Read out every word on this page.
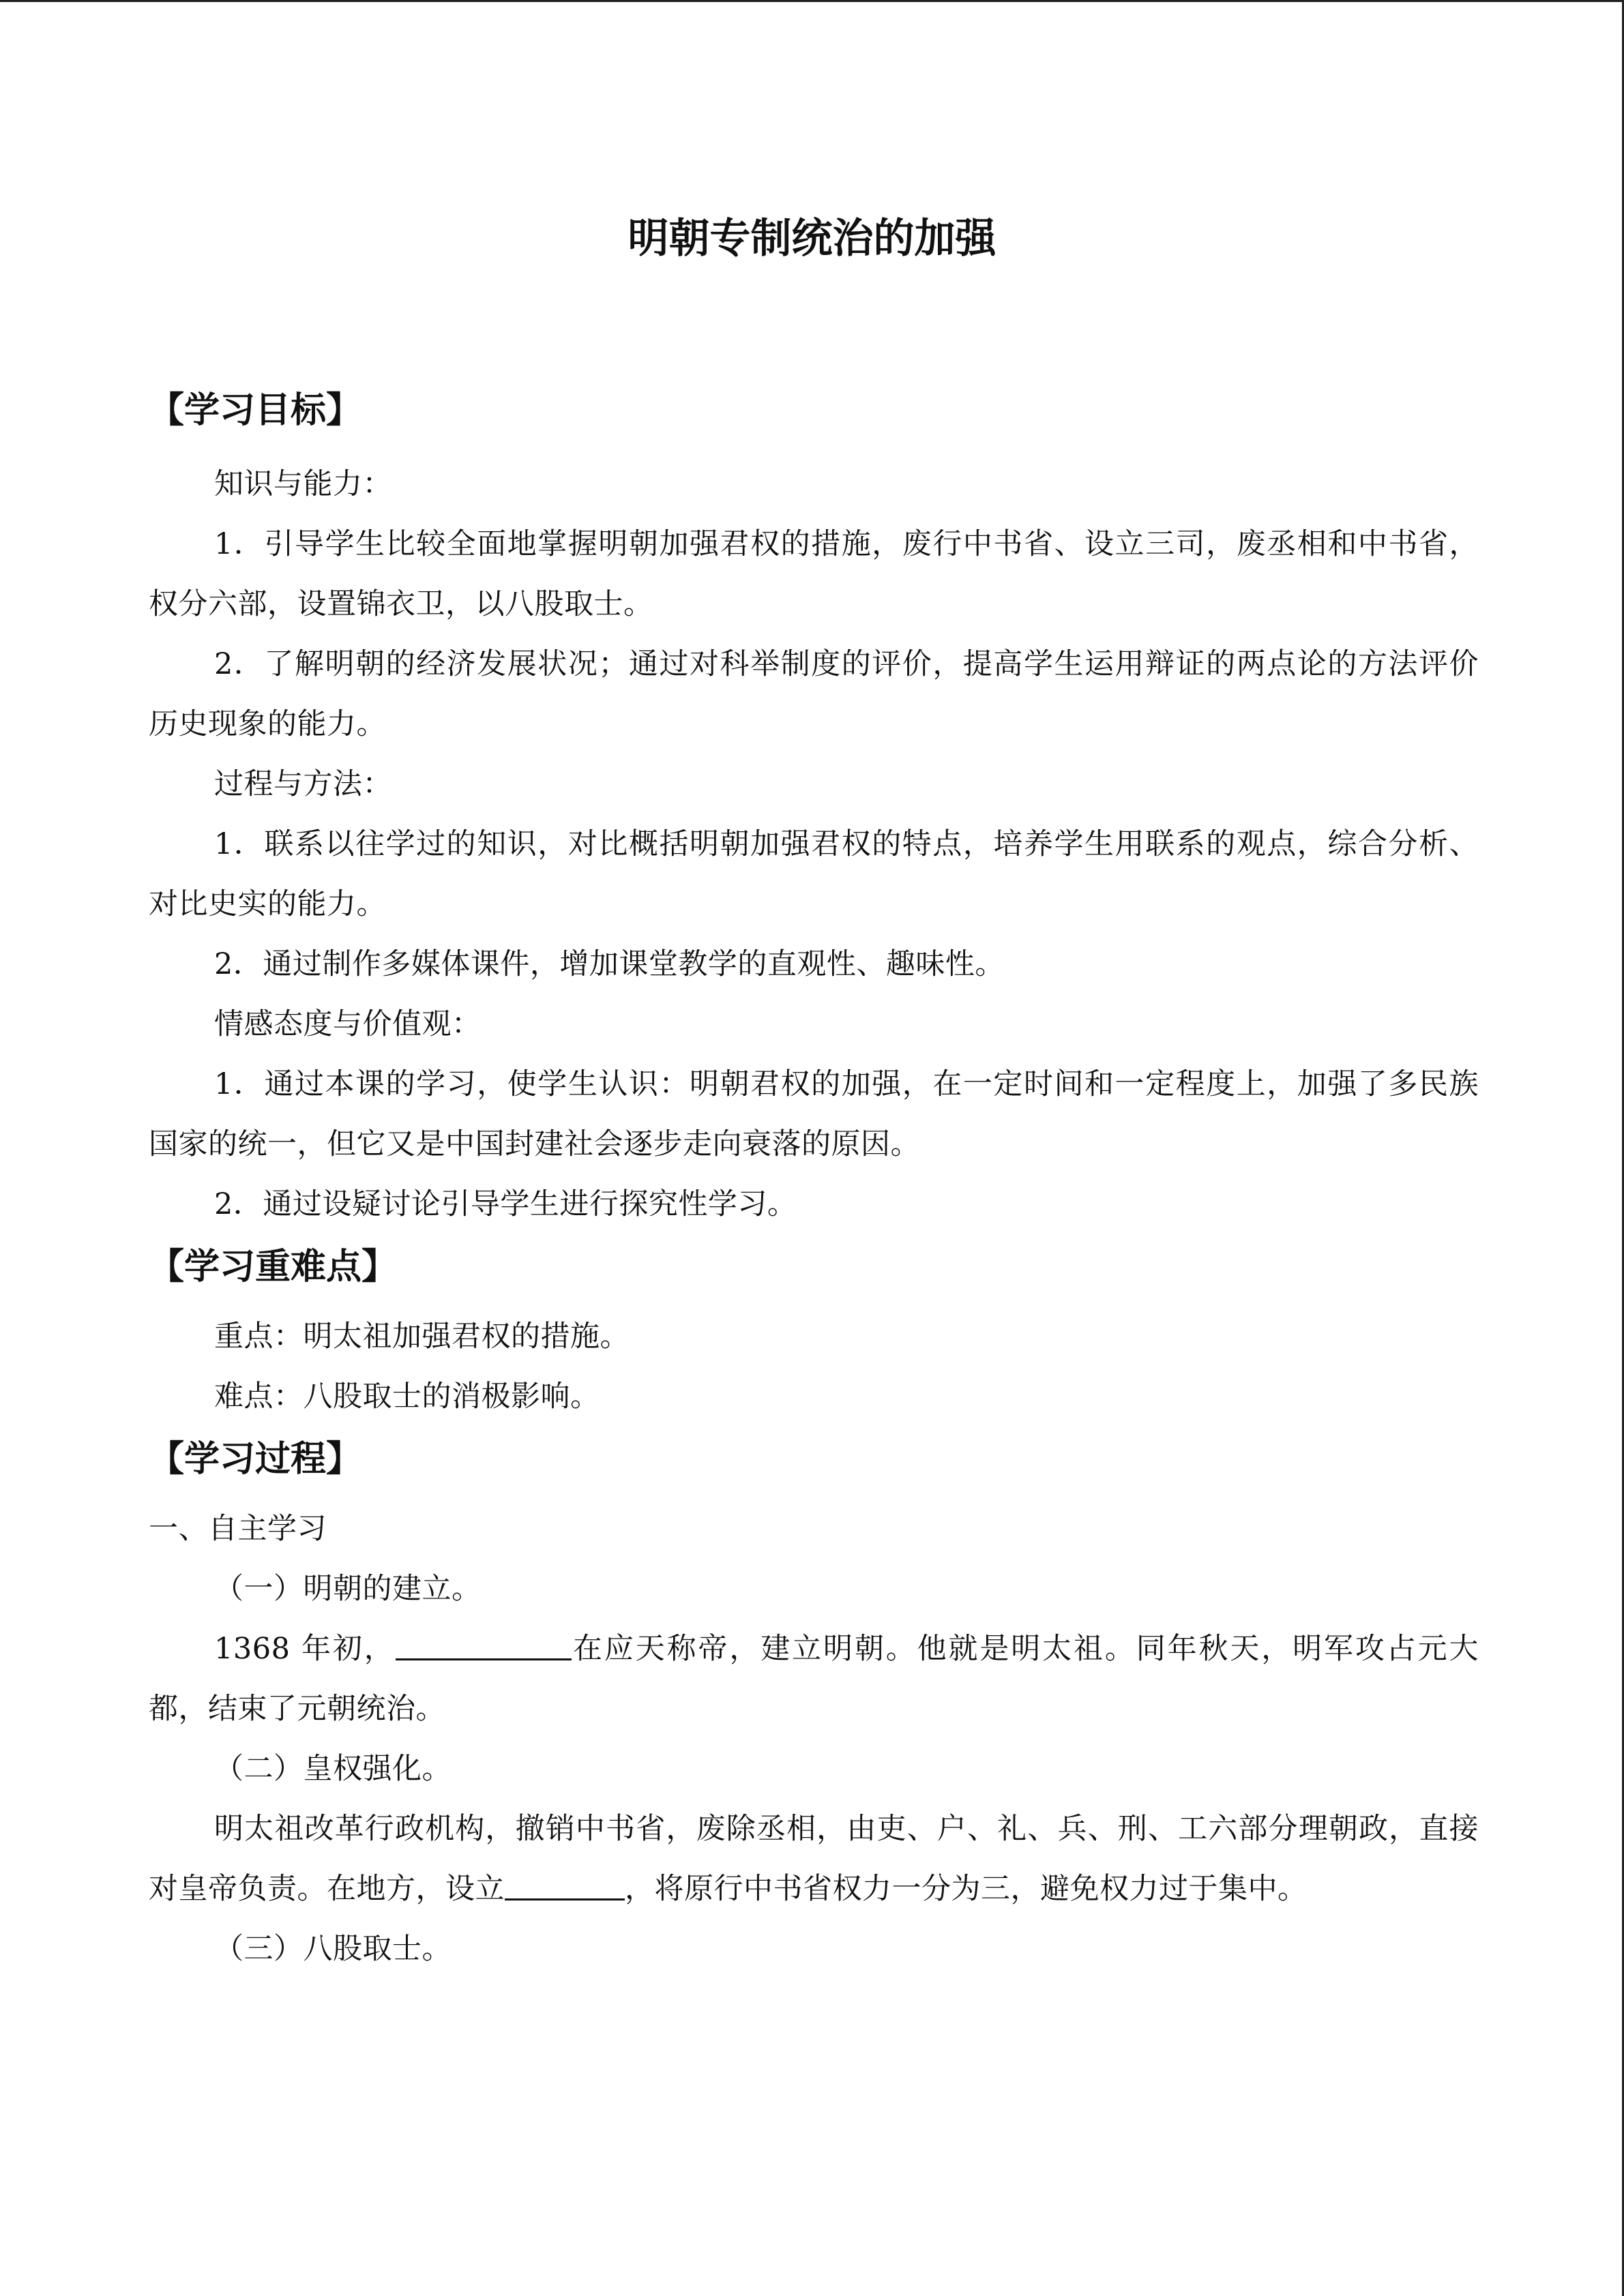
明朝专制统治的加强
【学习目标】

知识与能力：

1．引导学生比较全面地掌握明朝加强君权的措施，废行中书省、设立三司，废丞相和中书省，权分六部，设置锦衣卫，以八股取士。

2．了解明朝的经济发展状况；通过对科举制度的评价，提高学生运用辩证的两点论的方法评价历史现象的能力。

过程与方法：

1．联系以往学过的知识，对比概括明朝加强君权的特点，培养学生用联系的观点，综合分析、对比史实的能力。

2．通过制作多媒体课件，增加课堂教学的直观性、趣味性。

情感态度与价值观：

1．通过本课的学习，使学生认识：明朝君权的加强，在一定时间和一定程度上，加强了多民族国家的统一，但它又是中国封建社会逐步走向衰落的原因。

2．通过设疑讨论引导学生进行探究性学习。

【学习重难点】

重点：明太祖加强君权的措施。

难点：八股取士的消极影响。

【学习过程】

一、自主学习

（一）明朝的建立。

1368 年初，	在应天称帝，建立明朝。他就是明太祖。同年秋天，明军攻占元大都，结束了元朝统治。

（二）皇权强化。

明太祖改革行政机构，撤销中书省，废除丞相，由吏、户、礼、兵、刑、工六部分理朝政，直接对皇帝负责。在地方，设立	，将原行中书省权力一分为三，避免权力过于集中。

（三）八股取士。
